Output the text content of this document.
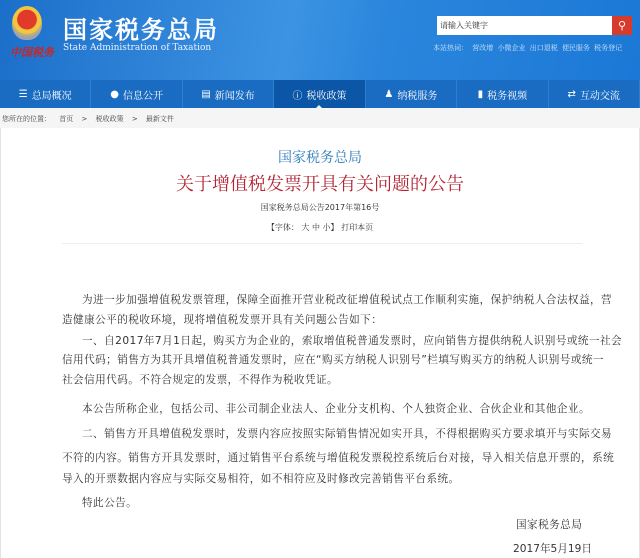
中国税务
国家税务总局
State Administration of Taxation
请输入关键字	⚲
本站热词： 营改增 小微企业 出口退税 便民服务 税务登记
☰ 总局概况	● 信息公开	▤ 新闻发布	ⓘ 税收政策	♟ 纳税服务	▮ 税务视频	⇄ 互动交流
您所在的位置： 首页 > 税收政策 > 最新文件
国家税务总局
关于增值税发票开具有关问题的公告
国家税务总局公告2017年第16号
【字体： 大 中 小】 打印本页
为进一步加强增值税发票管理，保障全面推开营业税改征增值税试点工作顺利实施，保护纳税人合法权益，营
造健康公平的税收环境，现将增值税发票开具有关问题公告如下：
一、自2017年7月1日起，购买方为企业的，索取增值税普通发票时，应向销售方提供纳税人识别号或统一社会
信用代码；销售方为其开具增值税普通发票时，应在“购买方纳税人识别号”栏填写购买方的纳税人识别号或统一
社会信用代码。不符合规定的发票，不得作为税收凭证。
本公告所称企业，包括公司、非公司制企业法人、企业分支机构、个人独资企业、合伙企业和其他企业。
二、销售方开具增值税发票时，发票内容应按照实际销售情况如实开具，不得根据购买方要求填开与实际交易
不符的内容。销售方开具发票时，通过销售平台系统与增值税发票税控系统后台对接，导入相关信息开票的，系统
导入的开票数据内容应与实际交易相符，如不相符应及时修改完善销售平台系统。
特此公告。
国家税务总局
2017年5月19日
